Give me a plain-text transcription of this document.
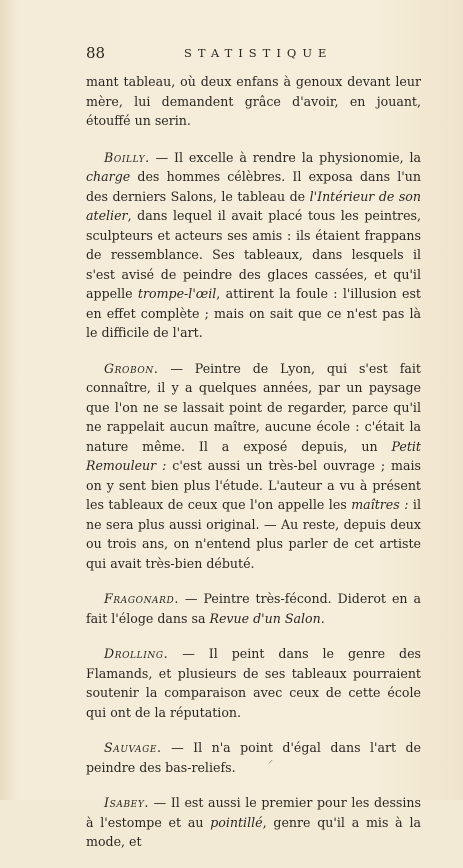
88	STATISTIQUE

mant tableau, où deux enfans à genoux devant leur mère, lui demandent grâce d'avoir, en jouant, étouffé un serin.

Boilly. — Il excelle à rendre la physionomie, la charge des hommes célèbres. Il exposa dans l'un des derniers Salons, le tableau de l'Intérieur de son atelier, dans lequel il avait placé tous les peintres, sculpteurs et acteurs ses amis : ils étaient frappans de ressemblance. Ses tableaux, dans lesquels il s'est avisé de peindre des glaces cassées, et qu'il appelle trompe-l'œil, attirent la foule : l'illusion est en effet complète ; mais on sait que ce n'est pas là le difficile de l'art.

Grobon. — Peintre de Lyon, qui s'est fait connaître, il y a quelques années, par un paysage que l'on ne se lassait point de regarder, parce qu'il ne rappelait aucun maître, aucune école : c'était la nature même. Il a exposé depuis, un Petit Remouleur : c'est aussi un très-bel ouvrage ; mais on y sent bien plus l'étude. L'auteur a vu à présent les tableaux de ceux que l'on appelle les maîtres : il ne sera plus aussi original. — Au reste, depuis deux ou trois ans, on n'entend plus parler de cet artiste qui avait très-bien débuté.

Fragonard. — Peintre très-fécond. Diderot en a fait l'éloge dans sa Revue d'un Salon.

Drolling. — Il peint dans le genre des Flamands, et plusieurs de ses tableaux pourraient soutenir la comparaison avec ceux de cette école qui ont de la réputation.

Sauvage. — Il n'a point d'égal dans l'art de peindre des bas-reliefs.

Isabey. — Il est aussi le premier pour les dessins à l'estompe et au pointillé, genre qu'il a mis à la mode, et

⸍
